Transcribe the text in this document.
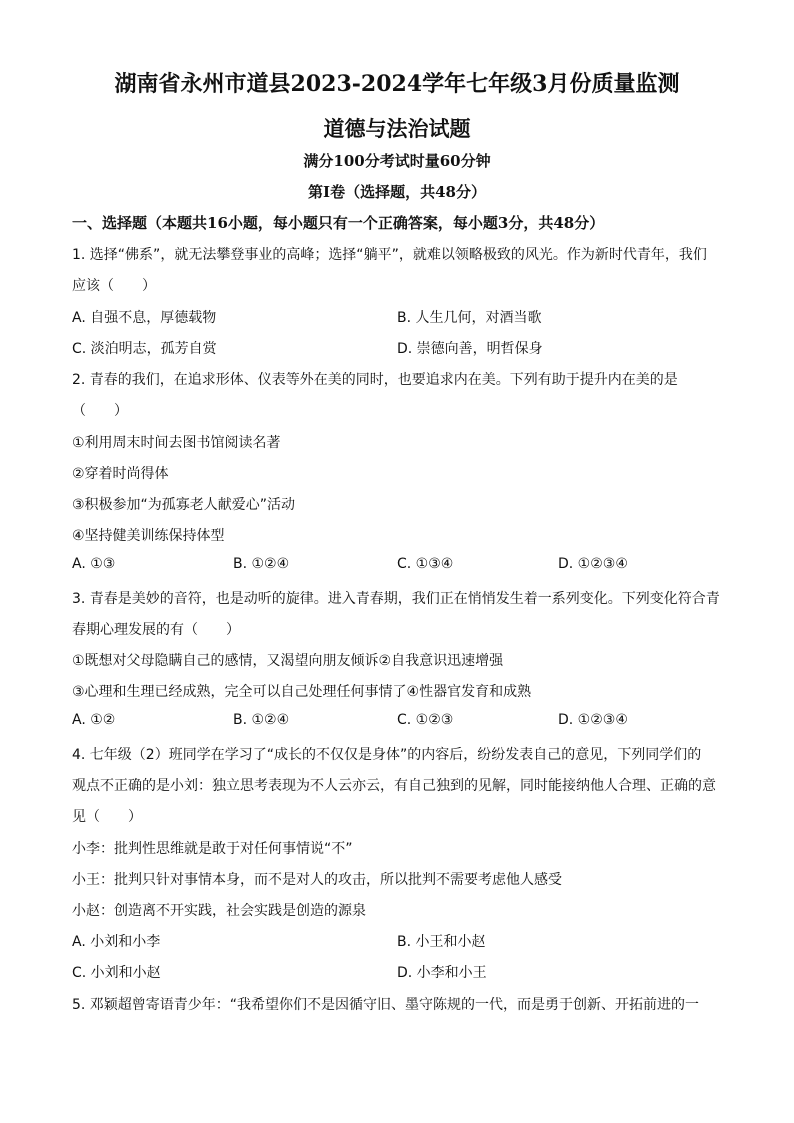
湖南省永州市道县2023-2024学年七年级3月份质量监测
道德与法治试题
满分100分考试时量60分钟
第Ⅰ卷（选择题，共48分）
一、选择题（本题共16小题，每小题只有一个正确答案，每小题3分，共48分）
1. 选择“佛系”，就无法攀登事业的高峰；选择“躺平”，就难以领略极致的风光。作为新时代青年，我们
应该（　　）
A. 自强不息，厚德载物	B. 人生几何，对酒当歌
C. 淡泊明志，孤芳自赏	D. 崇德向善，明哲保身
2. 青春的我们，在追求形体、仪表等外在美的同时，也要追求内在美。下列有助于提升内在美的是
（　　）
①利用周末时间去图书馆阅读名著
②穿着时尚得体
③积极参加“为孤寡老人献爱心”活动
④坚持健美训练保持体型
A. ①③	B. ①②④	C. ①③④	D. ①②③④
3. 青春是美妙的音符，也是动听的旋律。进入青春期，我们正在悄悄发生着一系列变化。下列变化符合青
春期心理发展的有（　　）
①既想对父母隐瞒自己的感情，又渴望向朋友倾诉②自我意识迅速增强
③心理和生理已经成熟，完全可以自己处理任何事情了④性器官发育和成熟
A. ①②	B. ①②④	C. ①②③	D. ①②③④
4. 七年级（2）班同学在学习了“成长的不仅仅是身体”的内容后，纷纷发表自己的意见，下列同学们的
观点不正确的是小刘：独立思考表现为不人云亦云，有自己独到的见解，同时能接纳他人合理、正确的意
见（　　）
小李：批判性思维就是敢于对任何事情说“不”
小王：批判只针对事情本身，而不是对人的攻击，所以批判不需要考虑他人感受
小赵：创造离不开实践，社会实践是创造的源泉
A. 小刘和小李	B. 小王和小赵
C. 小刘和小赵	D. 小李和小王
5. 邓颖超曾寄语青少年：“我希望你们不是因循守旧、墨守陈规的一代，而是勇于创新、开拓前进的一
